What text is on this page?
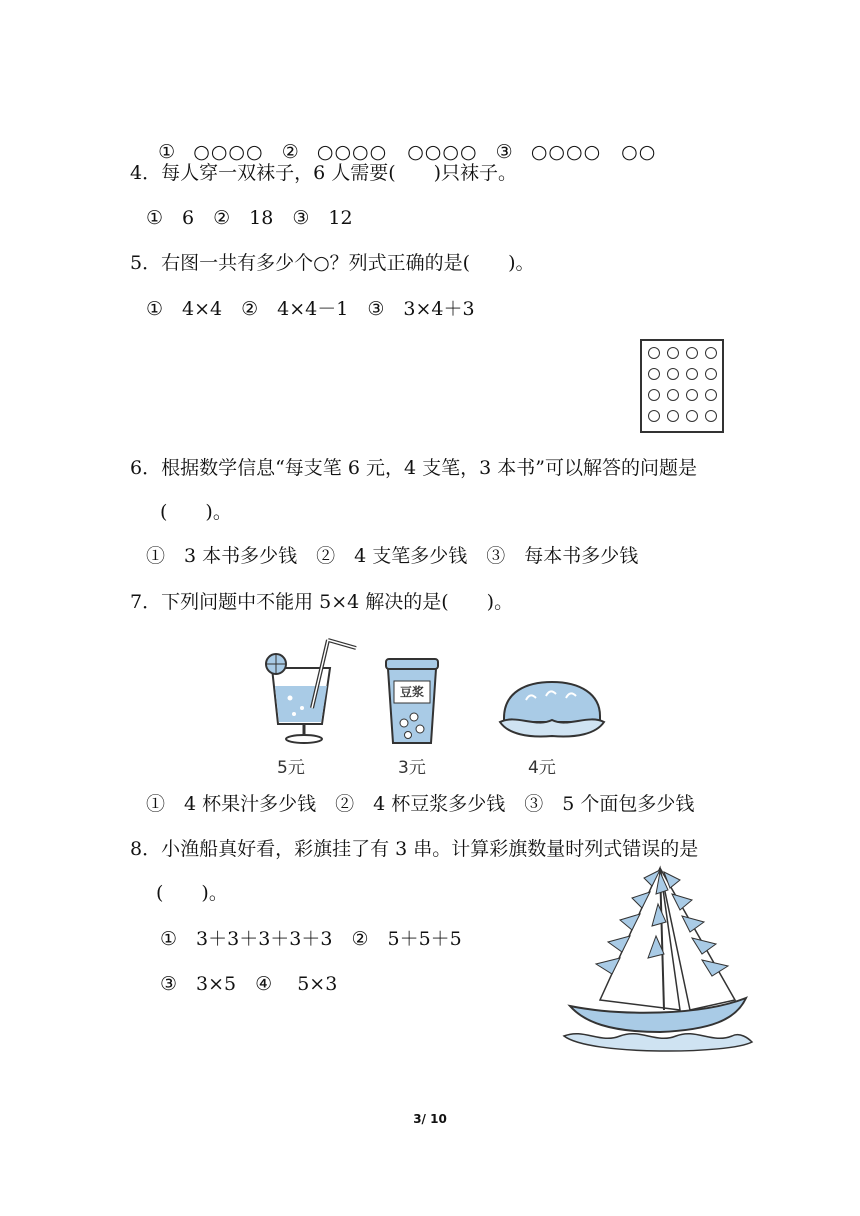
① ○○○○ ② ○○○○　○○○○ ③ ○○○○　○○

4．每人穿一双袜子，6 人需要(　　)只袜子。
①　6　②　18　③　12
5．右图一共有多少个○？列式正确的是(　　)。
①　4×4　②　4×4－1　③　3×4＋3
6．根据数学信息“每支笔 6 元，4 支笔，3 本书”可以解答的问题是
(　　)。
①　3 本书多少钱　②　4 支笔多少钱　③　每本书多少钱
7．下列问题中不能用 5×4 解决的是(　　)。
5元
豆浆
3元	4元
①　4 杯果汁多少钱　②　4 杯豆浆多少钱　③　5 个面包多少钱
8．小渔船真好看，彩旗挂了有 3 串。计算彩旗数量时列式错误的是
(　　)。
①　3＋3＋3＋3＋3　②　5＋5＋5
③　3×5　④　 5×3
3/ 10
